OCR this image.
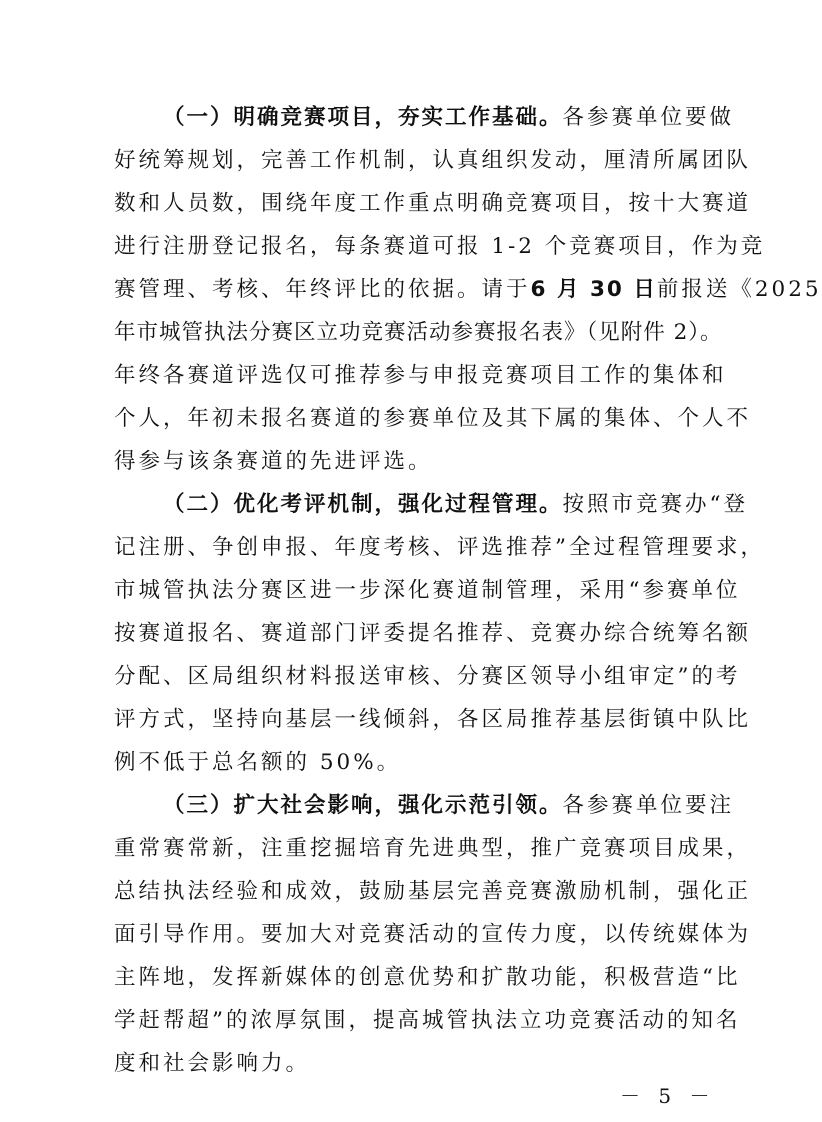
（一）明确竞赛项目，夯实工作基础。各参赛单位要做
好统筹规划，完善工作机制，认真组织发动，厘清所属团队
数和人员数，围绕年度工作重点明确竞赛项目，按十大赛道
进行注册登记报名，每条赛道可报 1-2 个竞赛项目，作为竞
赛管理、考核、年终评比的依据。请于6 月 30 日前报送《2025
年市城管执法分赛区立功竞赛活动参赛报名表》（见附件 2）。
年终各赛道评选仅可推荐参与申报竞赛项目工作的集体和
个人，年初未报名赛道的参赛单位及其下属的集体、个人不
得参与该条赛道的先进评选。
（二）优化考评机制，强化过程管理。按照市竞赛办“登
记注册、争创申报、年度考核、评选推荐”全过程管理要求，
市城管执法分赛区进一步深化赛道制管理，采用“参赛单位
按赛道报名、赛道部门评委提名推荐、竞赛办综合统筹名额
分配、区局组织材料报送审核、分赛区领导小组审定”的考
评方式，坚持向基层一线倾斜，各区局推荐基层街镇中队比
例不低于总名额的 50%。
（三）扩大社会影响，强化示范引领。各参赛单位要注
重常赛常新，注重挖掘培育先进典型，推广竞赛项目成果，
总结执法经验和成效，鼓励基层完善竞赛激励机制，强化正
面引导作用。要加大对竞赛活动的宣传力度，以传统媒体为
主阵地，发挥新媒体的创意优势和扩散功能，积极营造“比
学赶帮超”的浓厚氛围，提高城管执法立功竞赛活动的知名
度和社会影响力。
－ 5 －
